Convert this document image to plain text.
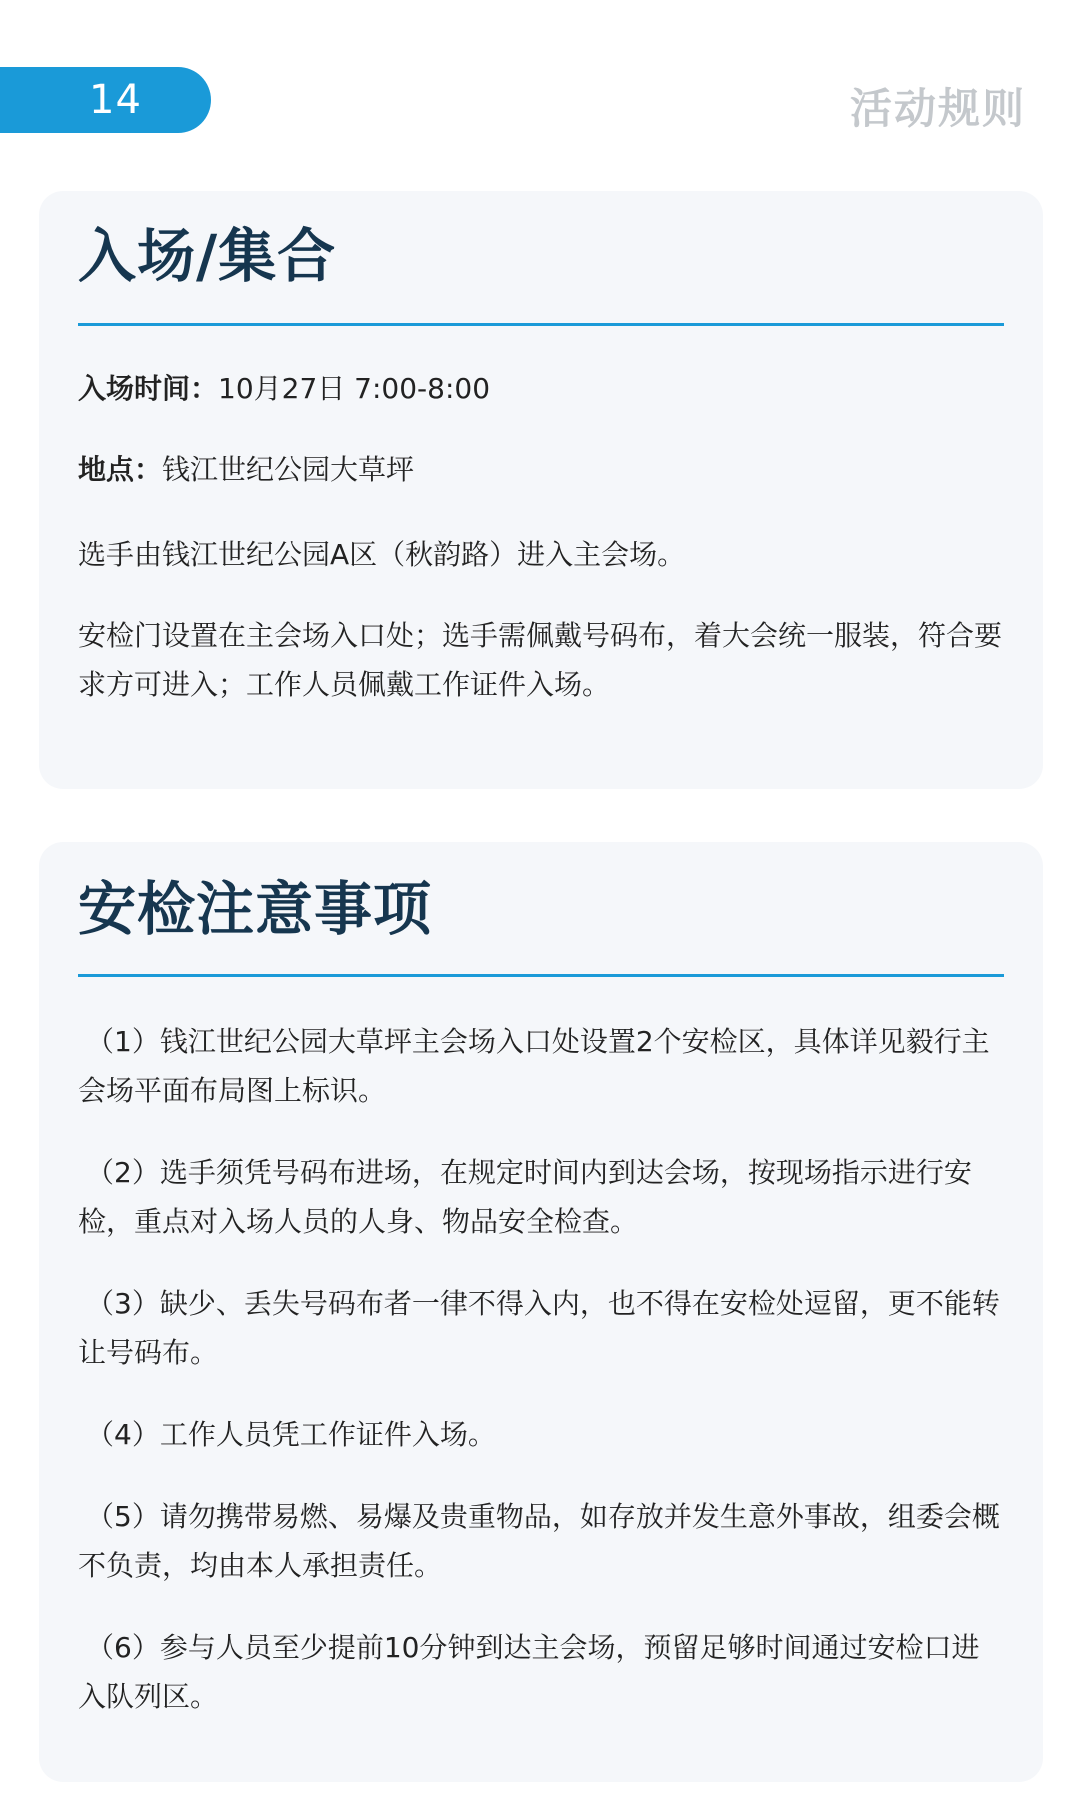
14	活动规则
入场/集合

入场时间：10月27日 7:00-8:00

地点：钱江世纪公园大草坪

选手由钱江世纪公园A区（秋韵路）进入主会场。

安检门设置在主会场入口处；选手需佩戴号码布，着大会统一服装，符合要求方可进入；工作人员佩戴工作证件入场。

安检注意事项

（1）钱江世纪公园大草坪主会场入口处设置2个安检区，具体详见毅行主会场平面布局图上标识。

（2）选手须凭号码布进场，在规定时间内到达会场，按现场指示进行安检，重点对入场人员的人身、物品安全检查。

（3）缺少、丢失号码布者一律不得入内，也不得在安检处逗留，更不能转让号码布。

（4）工作人员凭工作证件入场。

（5）请勿携带易燃、易爆及贵重物品，如存放并发生意外事故，组委会概不负责，均由本人承担责任。

（6）参与人员至少提前10分钟到达主会场，预留足够时间通过安检口进入队列区。
